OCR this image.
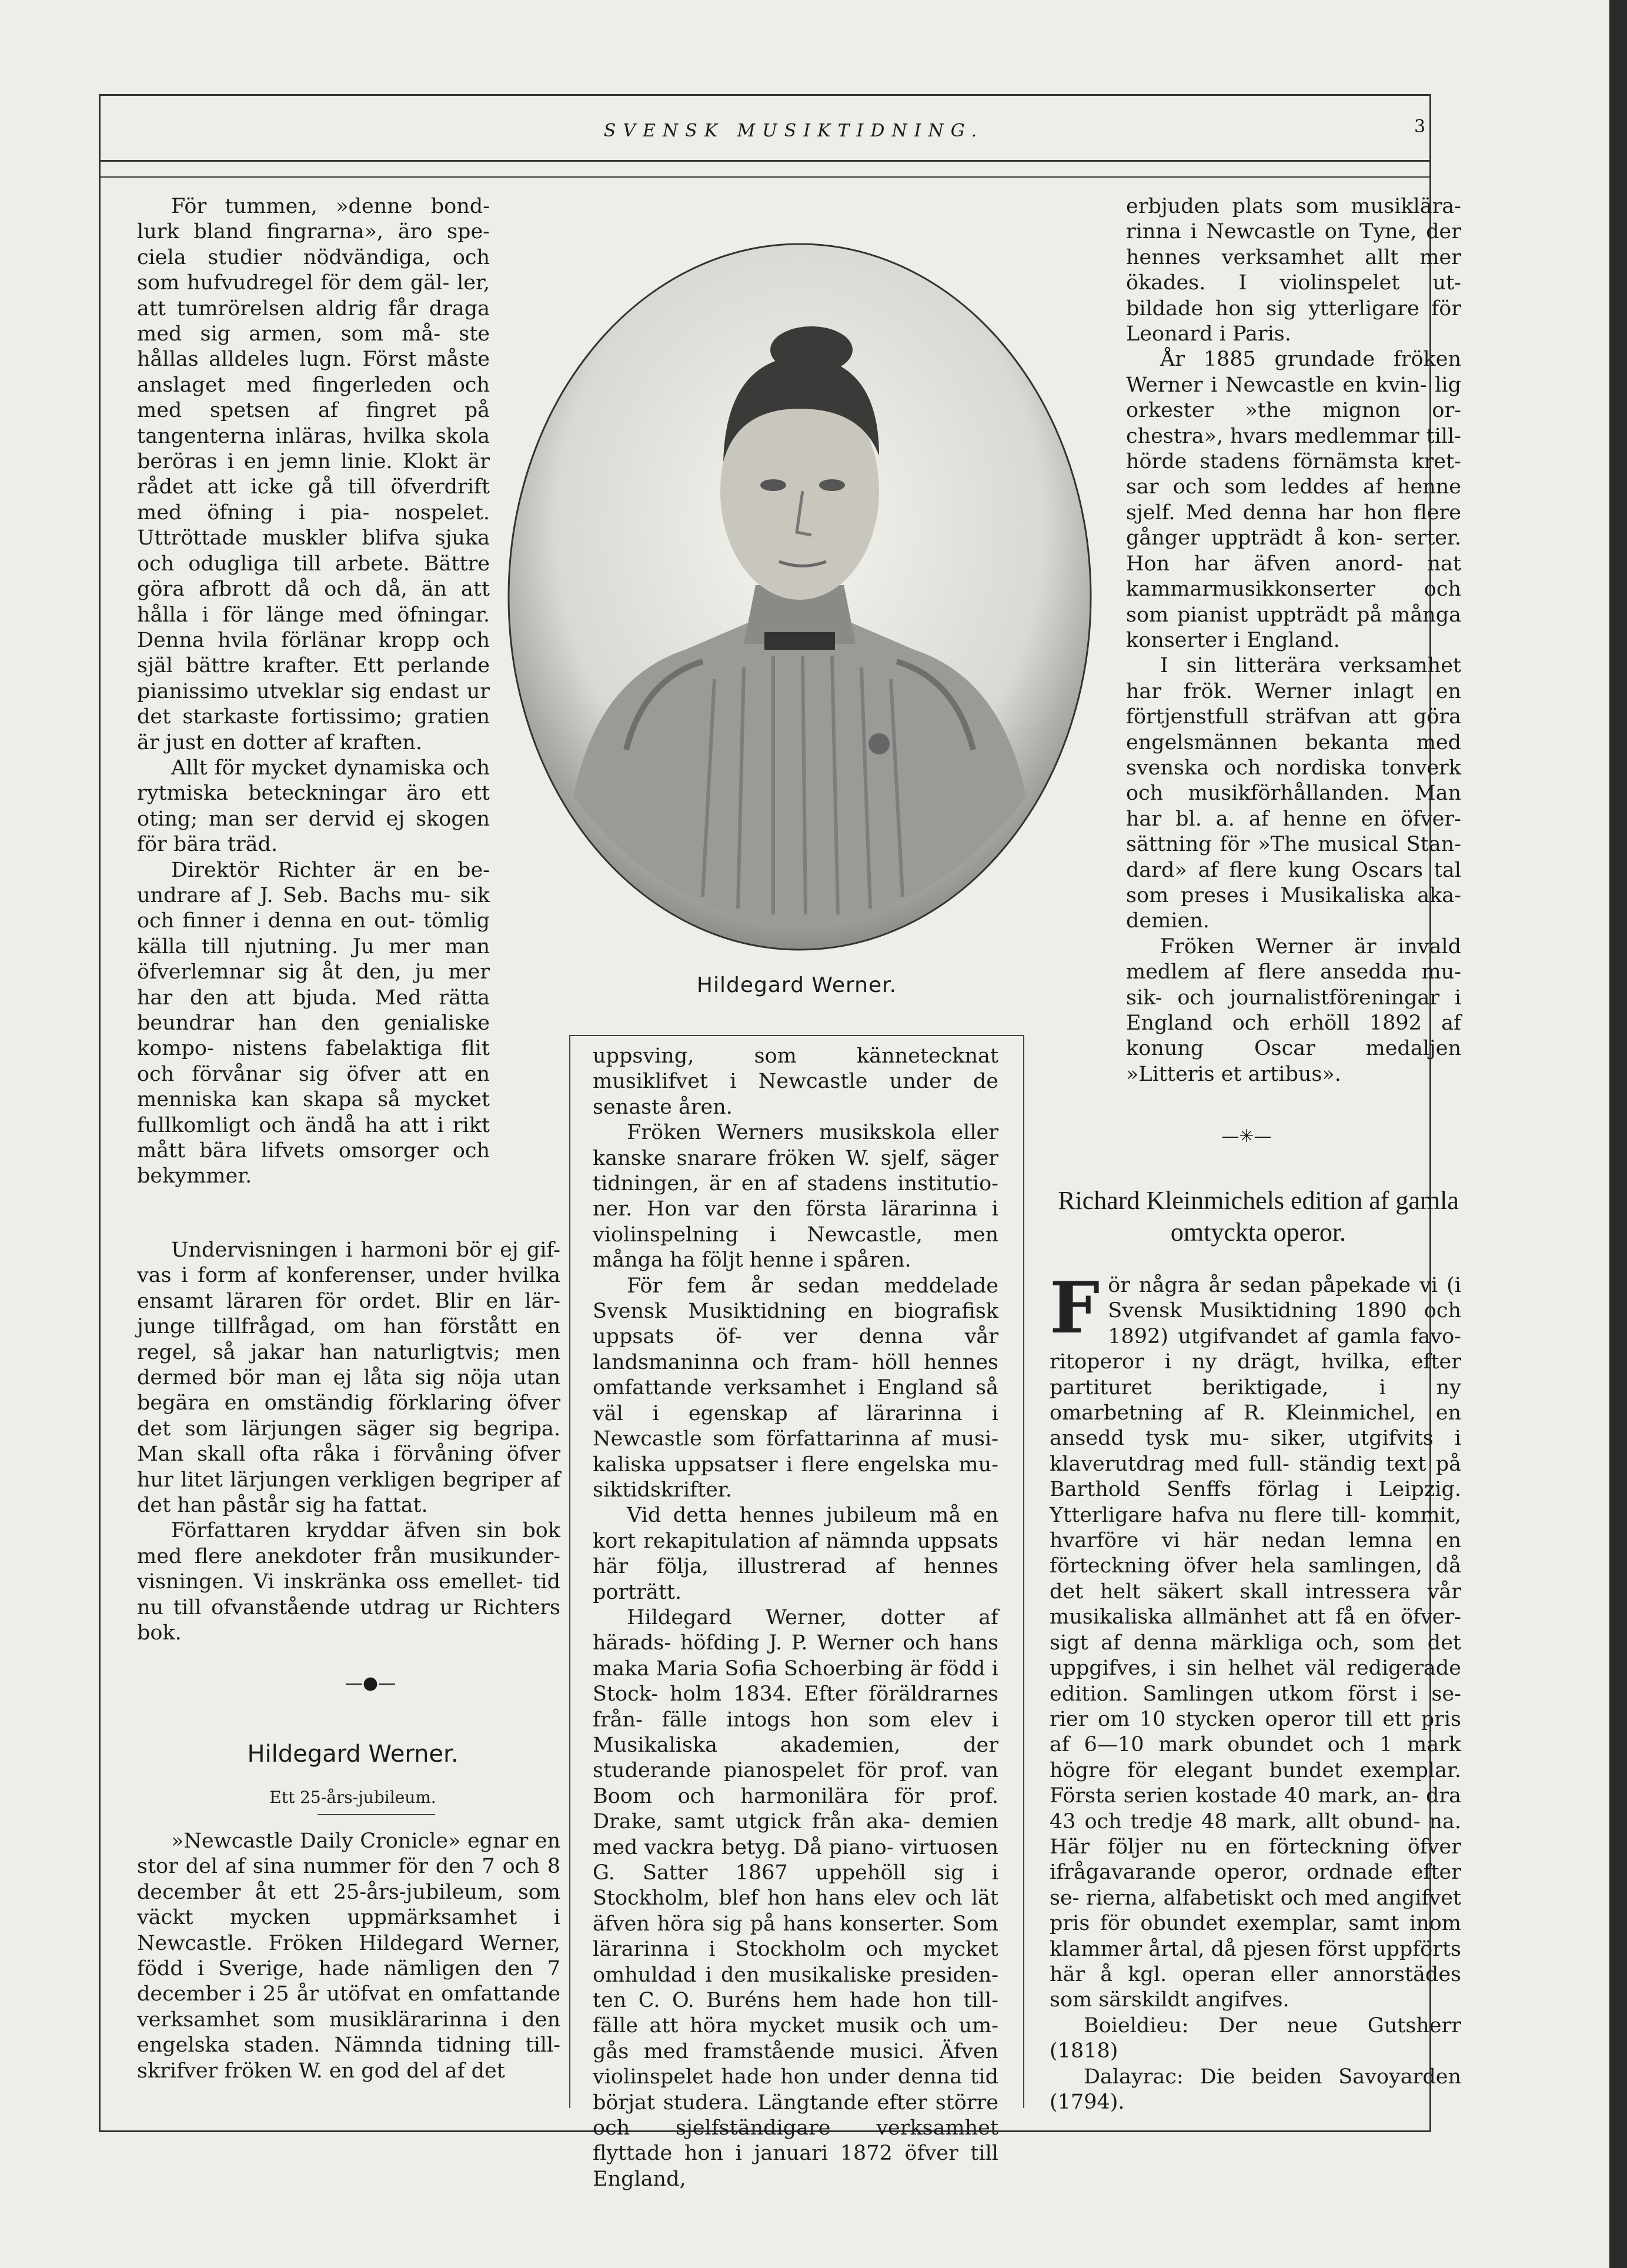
SVENSK MUSIKTIDNING.	3

För tummen, »denne bond- lurk bland fingrarna», äro spe- ciela studier nödvändiga, och som hufvudregel för dem gäl- ler, att tumrörelsen aldrig får draga med sig armen, som må- ste hållas alldeles lugn. Först måste anslaget med fingerleden och med spetsen af fingret på tangenterna inläras, hvilka skola beröras i en jemn linie. Klokt är rådet att icke gå till öfverdrift med öfning i pia- nospelet. Uttröttade muskler blifva sjuka och odugliga till arbete. Bättre göra afbrott då och då, än att hålla i för länge med öfningar. Denna hvila förlänar kropp och själ bättre krafter. Ett perlande pianissimo utveklar sig endast ur det starkaste fortissimo; gratien är just en dotter af kraften.

Allt för mycket dynamiska och rytmiska beteckningar äro ett oting; man ser dervid ej skogen för bära träd.

Direktör Richter är en be- undrare af J. Seb. Bachs mu- sik och finner i denna en out- tömlig källa till njutning. Ju mer man öfverlemnar sig åt den, ju mer har den att bjuda. Med rätta beundrar han den genialiske kompo- nistens fabelaktiga flit och förvånar sig öfver att en menniska kan skapa så mycket fullkomligt och ändå ha att i rikt mått bära lifvets omsorger och bekymmer.

Undervisningen i harmoni bör ej gif- vas i form af konferenser, under hvilka ensamt läraren för ordet. Blir en lär- junge tillfrågad, om han förstått en regel, så jakar han naturligtvis; men dermed bör man ej låta sig nöja utan begära en omständig förklaring öfver det som lärjungen säger sig begripa. Man skall ofta råka i förvåning öfver hur litet lärjungen verkligen begriper af det han påstår sig ha fattat.

Författaren kryddar äfven sin bok med flere anekdoter från musikunder- visningen. Vi inskränka oss emellet- tid nu till ofvanstående utdrag ur Richters bok.

—●—
Hildegard Werner.
Ett 25-års-jubileum.

»Newcastle Daily Cronicle» egnar en stor del af sina nummer för den 7 och 8 december åt ett 25-års-jubileum, som väckt mycken uppmärksamhet i Newcastle. Fröken Hildegard Werner, född i Sverige, hade nämligen den 7 december i 25 år utöfvat en omfattande verksamhet som musiklärarinna i den engelska staden. Nämnda tidning till- skrifver fröken W. en god del af det

Hildegard Werner.

uppsving, som kännetecknat musiklifvet i Newcastle under de senaste åren.

Fröken Werners musikskola eller kanske snarare fröken W. sjelf, säger tidningen, är en af stadens institutio- ner. Hon var den första lärarinna i violinspelning i Newcastle, men många ha följt henne i spåren.

För fem år sedan meddelade Svensk Musiktidning en biografisk uppsats öf- ver denna vår landsmaninna och fram- höll hennes omfattande verksamhet i England så väl i egenskap af lärarinna i Newcastle som författarinna af musi- kaliska uppsatser i flere engelska mu- siktidskrifter.

Vid detta hennes jubileum må en kort rekapitulation af nämnda uppsats här följa, illustrerad af hennes porträtt.

Hildegard Werner, dotter af härads- höfding J. P. Werner och hans maka Maria Sofia Schoerbing är född i Stock- holm 1834. Efter föräldrarnes från- fälle intogs hon som elev i Musikaliska akademien, der studerande pianospelet för prof. van Boom och harmonilära för prof. Drake, samt utgick från aka- demien med vackra betyg. Då piano- virtuosen G. Satter 1867 uppehöll sig i Stockholm, blef hon hans elev och lät äfven höra sig på hans konserter. Som lärarinna i Stockholm och mycket omhuldad i den musikaliske presiden- ten C. O. Buréns hem hade hon till- fälle att höra mycket musik och um- gås med framstående musici. Äfven violinspelet hade hon under denna tid börjat studera. Längtande efter större och sjelfständigare verksamhet flyttade hon i januari 1872 öfver till England,

erbjuden plats som musiklära- rinna i Newcastle on Tyne, der hennes verksamhet allt mer ökades. I violinspelet ut- bildade hon sig ytterligare för Leonard i Paris.

År 1885 grundade fröken Werner i Newcastle en kvin- lig orkester »the mignon or- chestra», hvars medlemmar till- hörde stadens förnämsta kret- sar och som leddes af henne sjelf. Med denna har hon flere gånger uppträdt å kon- serter. Hon har äfven anord- nat kammarmusikkonserter och som pianist uppträdt på många konserter i England.

I sin litterära verksamhet har frök. Werner inlagt en förtjenstfull sträfvan att göra engelsmännen bekanta med svenska och nordiska tonverk och musikförhållanden. Man har bl. a. af henne en öfver- sättning för »The musical Stan- dard» af flere kung Oscars tal som preses i Musikaliska aka- demien.

Fröken Werner är invald medlem af flere ansedda mu- sik- och journalistföreningar i England och erhöll 1892 af konung Oscar medaljen »Litteris et artibus».

—✳—
Richard Kleinmichels edition af gamla omtyckta operor.

För några år sedan påpekade vi (i Svensk Musiktidning 1890 och 1892) utgifvandet af gamla favo- ritoperor i ny drägt, hvilka, efter partituret beriktigade, i ny omarbetning af R. Kleinmichel, en ansedd tysk mu- siker, utgifvits i klaverutdrag med full- ständig text på Barthold Senffs förlag i Leipzig. Ytterligare hafva nu flere till- kommit, hvarföre vi här nedan lemna en förteckning öfver hela samlingen, då det helt säkert skall intressera vår musikaliska allmänhet att få en öfver- sigt af denna märkliga och, som det uppgifves, i sin helhet väl redigerade edition. Samlingen utkom först i se- rier om 10 stycken operor till ett pris af 6—10 mark obundet och 1 mark högre för elegant bundet exemplar. Första serien kostade 40 mark, an- dra 43 och tredje 48 mark, allt obund- na. Här följer nu en förteckning öfver ifrågavarande operor, ordnade efter se- rierna, alfabetiskt och med angifvet pris för obundet exemplar, samt inom klammer årtal, då pjesen först uppförts här å kgl. operan eller annorstädes som särskildt angifves.

Boieldieu: Der neue Gutsherr (1818)

Dalayrac: Die beiden Savoyarden (1794).
